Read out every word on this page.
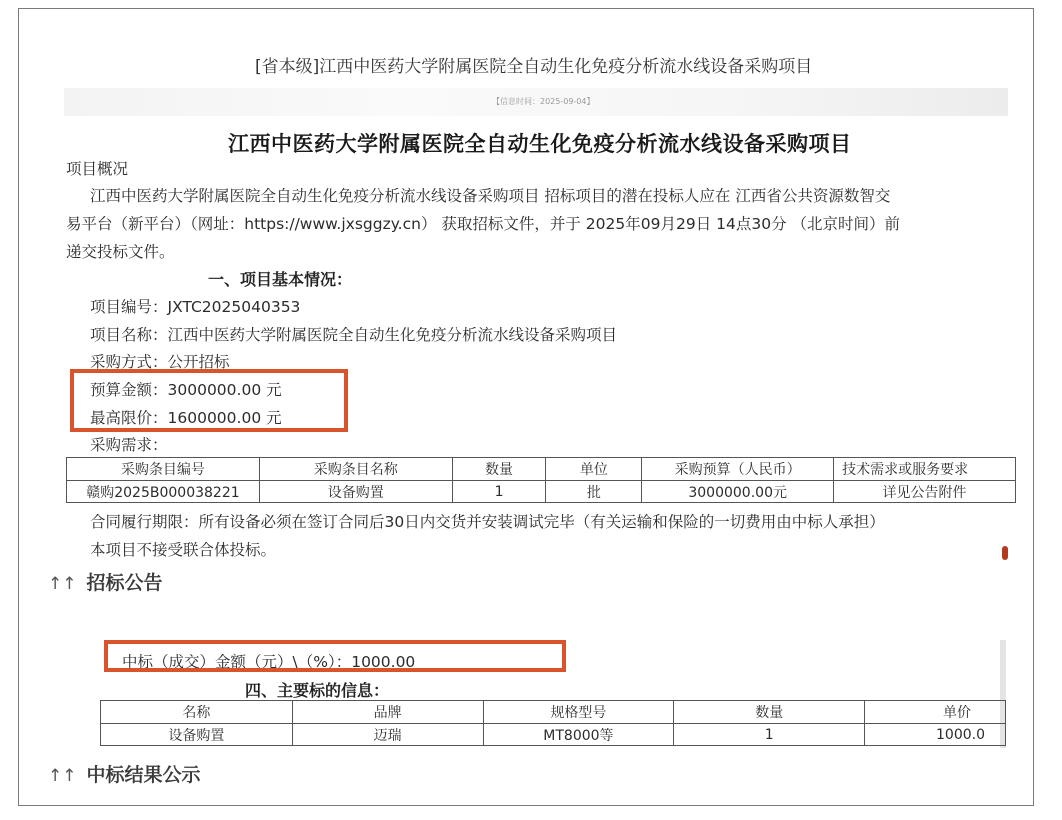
[省本级]江西中医药大学附属医院全自动生化免疫分析流水线设备采购项目
【信息时间：2025-09-04】
江西中医药大学附属医院全自动生化免疫分析流水线设备采购项目
项目概况
江西中医药大学附属医院全自动生化免疫分析流水线设备采购项目 招标项目的潜在投标人应在 江西省公共资源数智交
易平台（新平台）（网址：https://www.jxsggzy.cn） 获取招标文件，并于 2025年09月29日 14点30分 （北京时间）前
递交投标文件。
一、项目基本情况：
项目编号：JXTC2025040353
项目名称：江西中医药大学附属医院全自动生化免疫分析流水线设备采购项目
采购方式：公开招标
预算金额：3000000.00 元
最高限价：1600000.00 元
采购需求：
采购条目编号	采购条目名称	数量	单位	采购预算（人民币）	技术需求或服务要求
赣购2025B000038221	设备购置	1	批	3000000.00元	详见公告附件
合同履行期限：所有设备必须在签订合同后30日内交货并安装调试完毕（有关运输和保险的一切费用由中标人承担）
本项目不接受联合体投标。
↑↑ 招标公告
中标（成交）金额（元）\（%）：1000.00
四、主要标的信息：
名称	品牌	规格型号	数量	单价
设备购置	迈瑞	MT8000等	1	1000.0
↑↑ 中标结果公示
